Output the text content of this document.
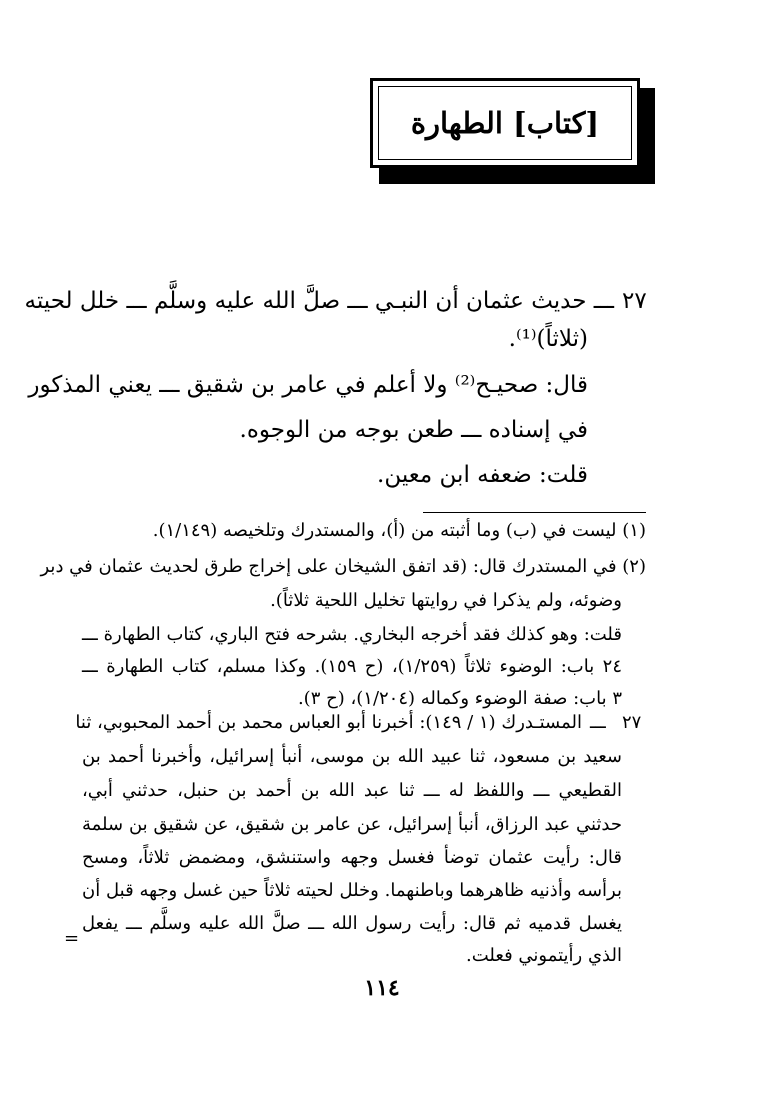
[كتاب] الطهارة
٢٧
ـــ حديث عثمان أن النبـي ـــ صلَّ الله عليه وسلَّم ـــ خلل لحيته
(ثلاثاً)⁽¹⁾.
قال: صحيـح⁽²⁾ ولا أعلم في عامر بن شقيق ـــ يعني المذكور
في إسناده ـــ طعن بوجه من الوجوه.
قلت: ضعفه ابن معين.
(١) ليست في (ب) وما أثبته من (أ)، والمستدرك وتلخيصه (١/١٤٩).
(٢) في المستدرك قال: (قد اتفق الشيخان على إخراج طرق لحديث عثمان في دبر
وضوئه، ولم يذكرا في روايتها تخليل اللحية ثلاثاً).
قلت: وهو كذلك فقد أخرجه البخاري. بشرحه فتح الباري، كتاب الطهارة ـــ
٢٤ باب: الوضوء ثلاثاً (١/٢٥٩)، (ح ١٥٩). وكذا مسلم، كتاب الطهارة ـــ
٣ باب: صفة الوضوء وكماله (١/٢٠٤)، (ح ٣).
٢٧
ـــ
المستـدرك (١ / ١٤٩): أخبرنا أبو العباس محمد بن أحمد المحبوبي، ثنا
سعيد بن مسعود، ثنا عبيد الله بن موسى، أنبأ إسرائيل، وأخبرنا أحمد بن
القطيعي ـــ واللفظ له ـــ ثنا عبد الله بن أحمد بن حنبل، حدثني أبي،
حدثني عبد الرزاق، أنبأ إسرائيل، عن عامر بن شقيق، عن شقيق بن سلمة
قال: رأيت عثمان توضأ فغسل وجهه واستنشق، ومضمض ثلاثاً، ومسح
برأسه وأذنيه ظاهرهما وباطنهما. وخلل لحيته ثلاثاً حين غسل وجهه قبل أن
يغسل قدميه ثم قال: رأيت رسول الله ـــ صلَّ الله عليه وسلَّم ـــ يفعل
الذي رأيتموني فعلت.
=
١١٤
